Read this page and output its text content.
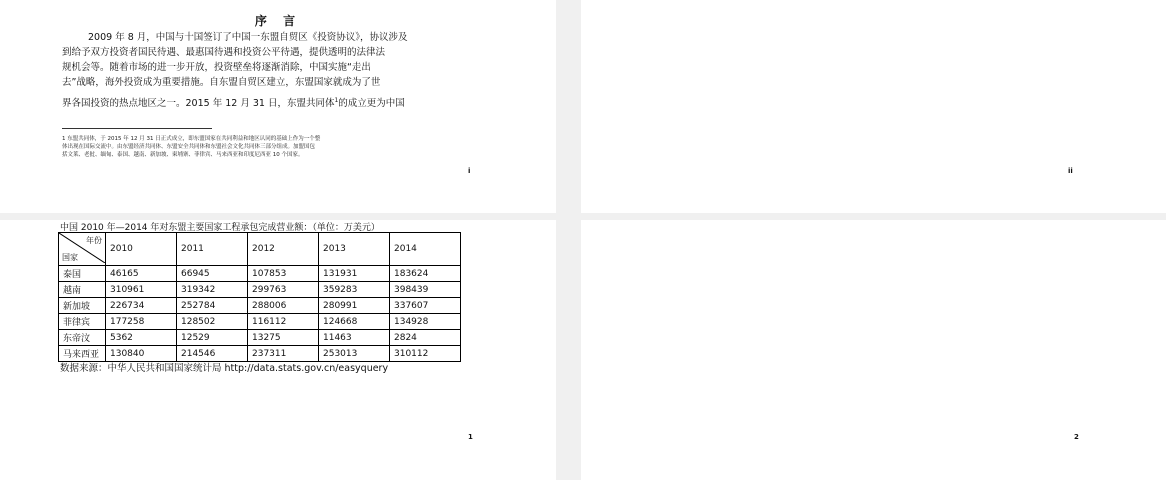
序 言
2009 年 8 月，中国与十国签订了中国一东盟自贸区《投资协议》，协议涉及
到给予双方投资者国民待遇、最惠国待遇和投资公平待遇，提供透明的法律法
规机会等。随着市场的进一步开放，投资壁垒将逐渐消除，中国实施“走出
去”战略，海外投资成为重要措施。自东盟自贸区建立，东盟国家就成为了世
界各国投资的热点地区之一。2015 年 12 月 31 日，东盟共同体$^1$的成立更为中国
1 东盟共同体，于 2015 年 12 月 31 日正式成立，即东盟国家在共同利益和地区认同的基础上作为一个整
体出现在国际交流中。由东盟经济共同体、东盟安全共同体和东盟社会文化共同体三部分组成。加盟国包
括文莱、老挝、缅甸、泰国、越南、新加坡、柬埔寨、菲律宾、马来西亚和印度尼西亚 10 个国家。
i	ii
中国 2010 年—2014 年对东盟主要国家工程承包完成营业额：（单位：万美元）
年份
国家	2010	2011	2012	2013	2014
泰国	46165	66945	107853	131931	183624
越南	310961	319342	299763	359283	398439
新加坡	226734	252784	288006	280991	337607
菲律宾	177258	128502	116112	124668	134928
东帝汶	5362	12529	13275	11463	2824
马来西亚	130840	214546	237311	253013	310112
数据来源：中华人民共和国国家统计局 http://data.stats.gov.cn/easyquery
1	2
